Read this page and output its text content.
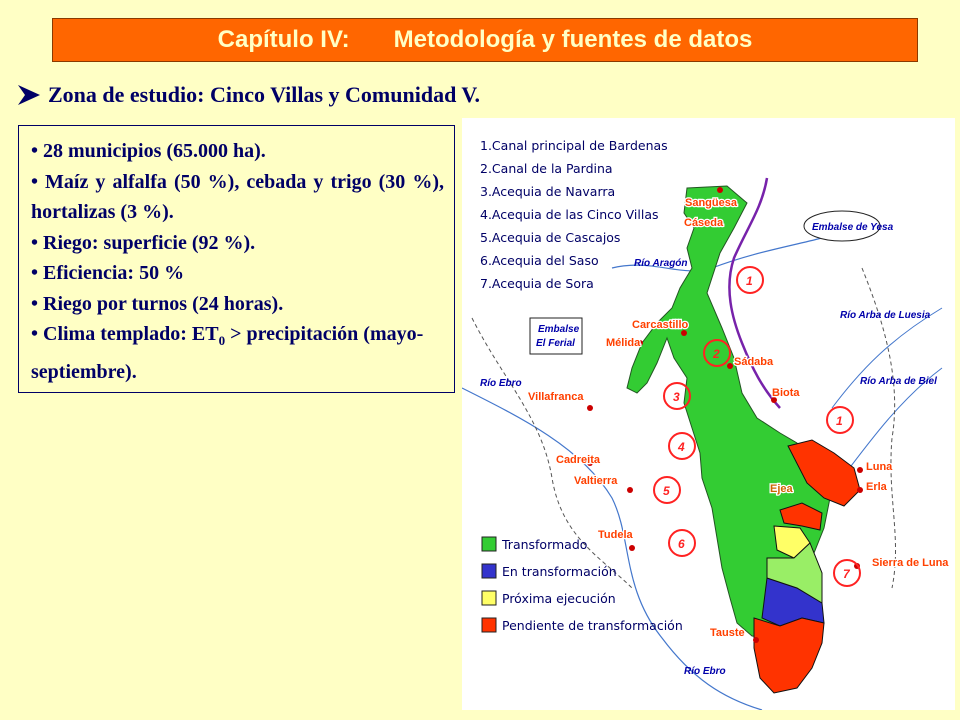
Capítulo IV: Metodología y fuentes de datos
Zona de estudio: Cinco Villas y Comunidad V.

• 28 municipios (65.000 ha).

• Maíz y alfalfa (50 %), cebada y trigo (30 %), hortalizas (3 %).

• Riego: superficie (92 %).

• Eficiencia: 50 %

• Riego por turnos (24 horas).

• Clima templado: $ET_0$ > precipitación (mayo-septiembre).

Embalse de Yesa
Embalse
El Ferial
1.Canal principal de Bardenas
2.Canal de la Pardina
3.Acequia de Navarra
4.Acequia de las Cinco Villas
5.Acequia de Cascajos
6.Acequia del Saso
7.Acequia de Sora
Sangüesa
Cáseda
Carcastillo
Mélida
Villafranca
Cadreita
Valtierra
Tudela
Sádaba
Biota
Luna
Erla
Sierra de Luna
Ejea
Tauste
Río Aragón
Río Arba de Luesia
Río Ebro	Río Arba de Biel
Río Ebro
1
2
3
4
5
6
7
1
Transformado
En transformación
Próxima ejecución
Pendiente de transformación
